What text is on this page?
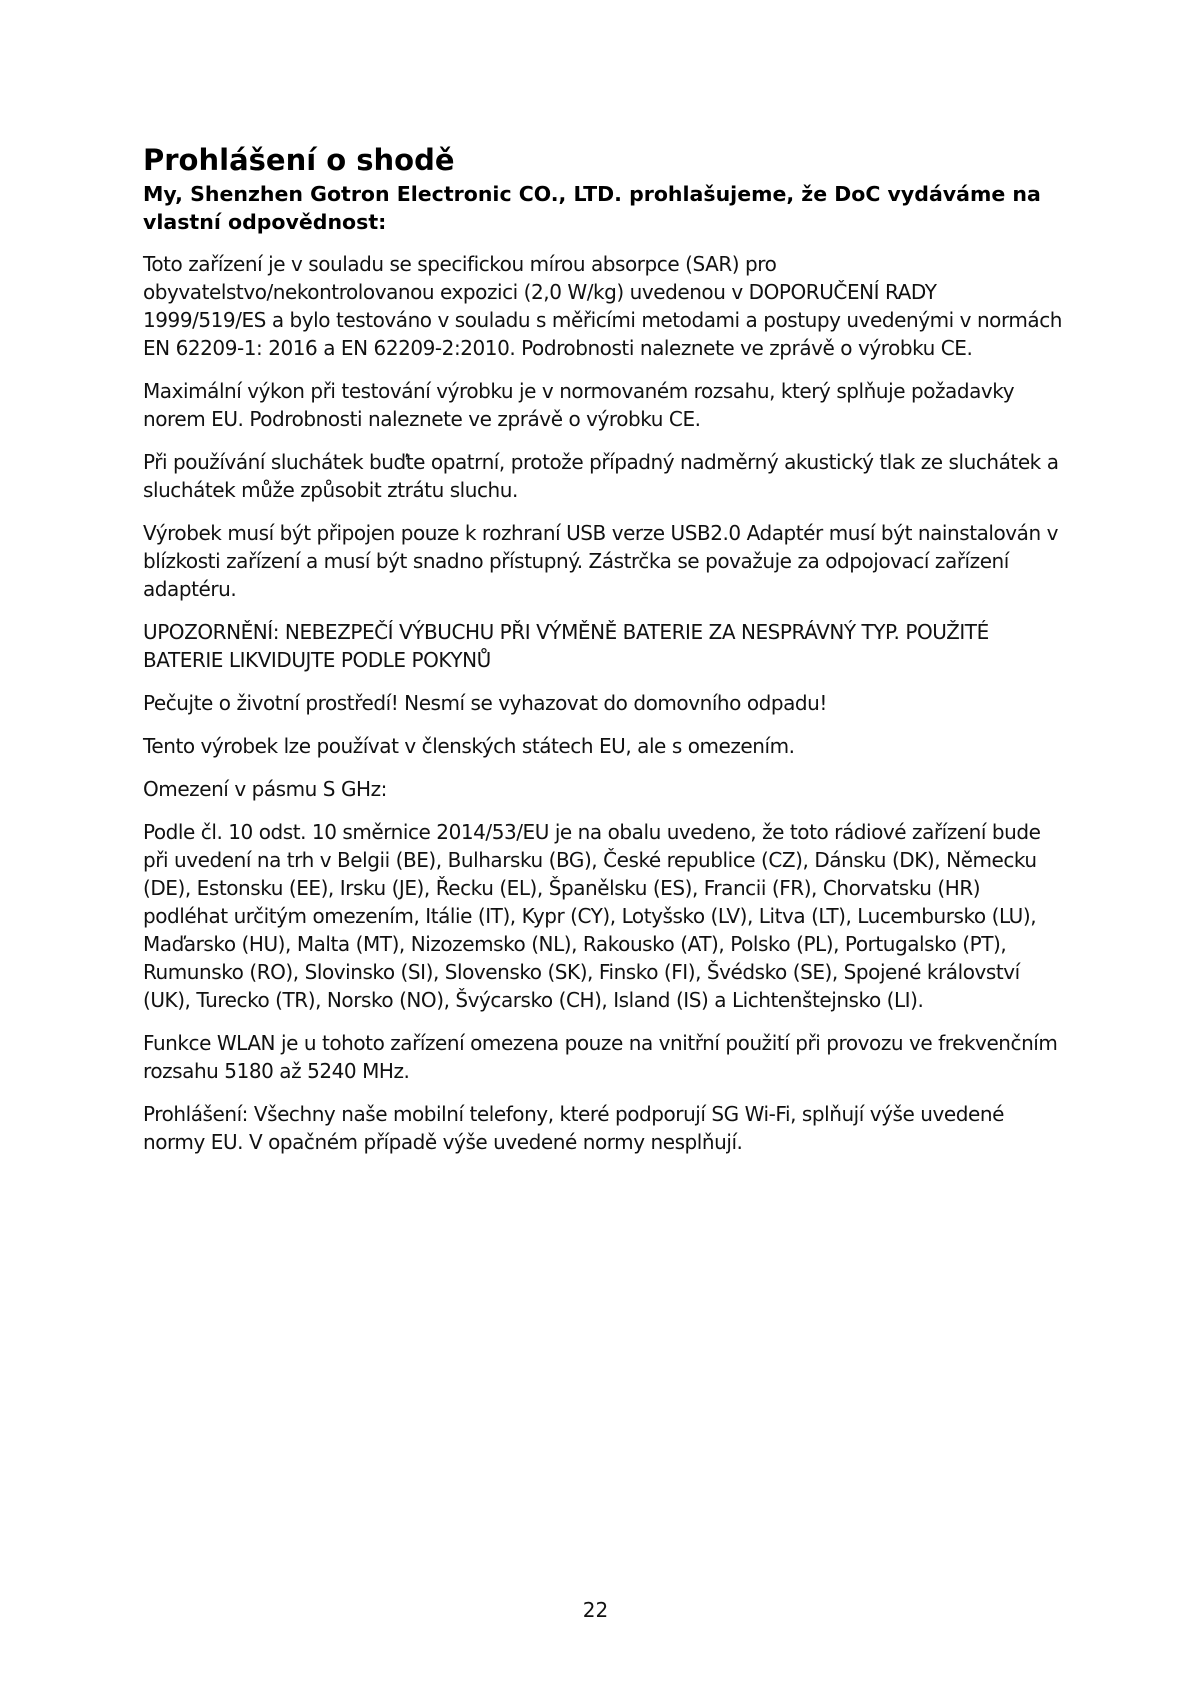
Prohlášení o shodě

My, Shenzhen Gotron Electronic CO., LTD. prohlašujeme, že DoC vydáváme na vlastní odpovědnost:

Toto zařízení je v souladu se specifickou mírou absorpce (SAR) pro obyvatelstvo/nekontrolovanou expozici (2,0 W/kg) uvedenou v DOPORUČENÍ RADY 1999/519/ES a bylo testováno v souladu s měřicími metodami a postupy uvedenými v normách EN 62209-1: 2016 a EN 62209-2:2010. Podrobnosti naleznete ve zprávě o výrobku CE.

Maximální výkon při testování výrobku je v normovaném rozsahu, který splňuje požadavky norem EU. Podrobnosti naleznete ve zprávě o výrobku CE.

Při používání sluchátek buďte opatrní, protože případný nadměrný akustický tlak ze sluchátek a sluchátek může způsobit ztrátu sluchu.

Výrobek musí být připojen pouze k rozhraní USB verze USB2.0 Adaptér musí být nainstalován v blízkosti zařízení a musí být snadno přístupný. Zástrčka se považuje za odpojovací zařízení adaptéru.

UPOZORNĚNÍ: NEBEZPEČÍ VÝBUCHU PŘI VÝMĚNĚ BATERIE ZA NESPRÁVNÝ TYP. POUŽITÉ BATERIE LIKVIDUJTE PODLE POKYNŮ

Pečujte o životní prostředí! Nesmí se vyhazovat do domovního odpadu!

Tento výrobek lze používat v členských státech EU, ale s omezením.

Omezení v pásmu S GHz:

Podle čl. 10 odst. 10 směrnice 2014/53/EU je na obalu uvedeno, že toto rádiové zařízení bude při uvedení na trh v Belgii (BE), Bulharsku (BG), České republice (CZ), Dánsku (DK), Německu (DE), Estonsku (EE), Irsku (JE), Řecku (EL), Španělsku (ES), Francii (FR), Chorvatsku (HR) podléhat určitým omezením, Itálie (IT), Kypr (CY), Lotyšsko (LV), Litva (LT), Lucembursko (LU), Maďarsko (HU), Malta (MT), Nizozemsko (NL), Rakousko (AT), Polsko (PL), Portugalsko (PT), Rumunsko (RO), Slovinsko (SI), Slovensko (SK), Finsko (FI), Švédsko (SE), Spojené království (UK), Turecko (TR), Norsko (NO), Švýcarsko (CH), Island (IS) a Lichtenštejnsko (LI).

Funkce WLAN je u tohoto zařízení omezena pouze na vnitřní použití při provozu ve frekvenčním rozsahu 5180 až 5240 MHz.

Prohlášení: Všechny naše mobilní telefony, které podporují SG Wi-Fi, splňují výše uvedené normy EU. V opačném případě výše uvedené normy nesplňují.

22
